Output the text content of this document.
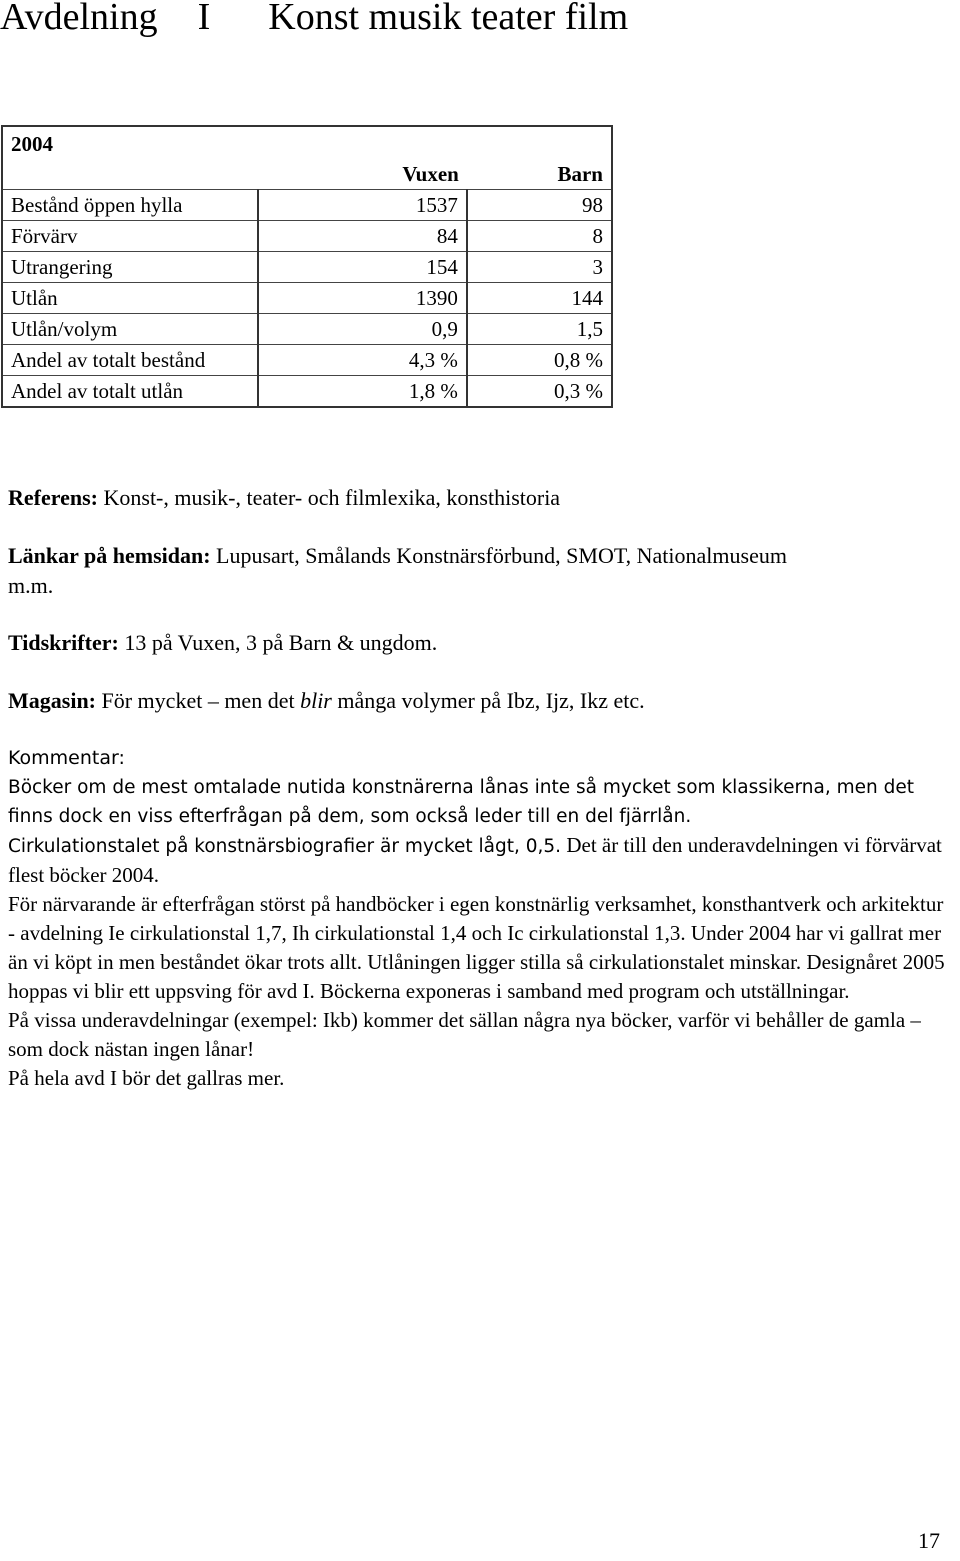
Avdelning I Konst musik teater film
2004		
	Vuxen	Barn
Bestånd öppen hylla	1537	98
Förvärv	84	8
Utrangering	154	3
Utlån	1390	144
Utlån/volym	0,9	1,5
Andel av totalt bestånd	4,3 %	0,8 %
Andel av totalt utlån	1,8 %	0,3 %

Referens: Konst-, musik-, teater- och filmlexika, konsthistoria

Länkar på hemsidan: Lupusart, Smålands Konstnärsförbund, SMOT, Nationalmuseum

m.m.

Tidskrifter: 13 på Vuxen, 3 på Barn & ungdom.

Magasin: För mycket – men det blir många volymer på Ibz, Ijz, Ikz etc.

Kommentar:

Böcker om de mest omtalade nutida konstnärerna lånas inte så mycket som klassikerna, men det finns dock en viss efterfrågan på dem, som också leder till en del fjärrlån.

Cirkulationstalet på konstnärsbiografier är mycket lågt, 0,5. Det är till den underavdelningen vi förvärvat flest böcker 2004.

För närvarande är efterfrågan störst på handböcker i egen konstnärlig verksamhet, konsthantverk och arkitektur - avdelning Ie cirkulationstal 1,7, Ih cirkulationstal 1,4 och Ic cirkulationstal 1,3. Under 2004 har vi gallrat mer än vi köpt in men beståndet ökar trots allt. Utlåningen ligger stilla så cirkulationstalet minskar. Designåret 2005 hoppas vi blir ett uppsving för avd I. Böckerna exponeras i samband med program och utställningar.

På vissa underavdelningar (exempel: Ikb) kommer det sällan några nya böcker, varför vi behåller de gamla – som dock nästan ingen lånar!

På hela avd I bör det gallras mer.

17
